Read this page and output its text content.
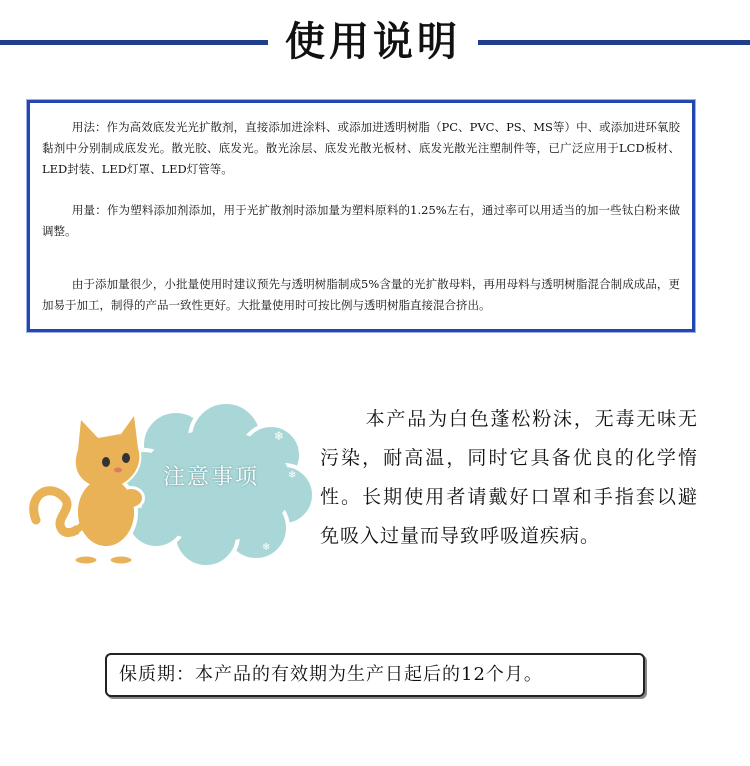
使用说明

用法：作为高效底发光光扩散剂，直接添加进涂料、或添加进透明树脂（PC、PVC、PS、MS等）中、或添加进环氧胶黏剂中分别制成底发光。散光胶、底发光。散光涂层、底发光散光板材、底发光散光注塑制件等，已广泛应用于LCD板材、LED封装、LED灯罩、LED灯管等。

用量：作为塑料添加剂添加，用于光扩散剂时添加量为塑料原料的1.25%左右，通过率可以用适当的加一些钛白粉来做调整。

由于添加量很少，小批量使用时建议预先与透明树脂制成5%含量的光扩散母料，再用母料与透明树脂混合制成成品，更加易于加工，制得的产品一致性更好。大批量使用时可按比例与透明树脂直接混合挤出。

❄
❄
❄
注意事项
本产品为白色蓬松粉沫，无毒无味无污染，耐高温，同时它具备优良的化学惰性。长期使用者请戴好口罩和手指套以避免吸入过量而导致呼吸道疾病。
保质期：本产品的有效期为生产日起后的12个月。
